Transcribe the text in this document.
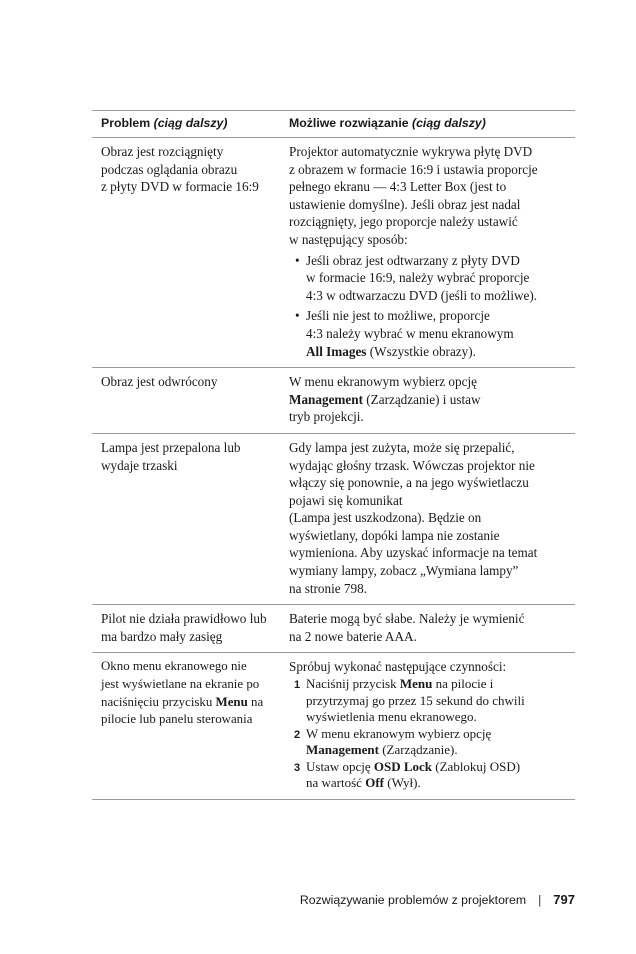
Problem (ciąg dalszy)	Możliwe rozwiązanie (ciąg dalszy)
Obraz jest rozciągnięty
podczas oglądania obrazu
z płyty DVD w formacie 16:9
Projektor automatycznie wykrywa płytę DVD
z obrazem w formacie 16:9 i ustawia proporcje
pełnego ekranu — 4:3 Letter Box (jest to
ustawienie domyślne). Jeśli obraz jest nadal
rozciągnięty, jego proporcje należy ustawić
w następujący sposób:
• Jeśli obraz jest odtwarzany z płyty DVD
w formacie 16:9, należy wybrać proporcje
4:3 w odtwarzaczu DVD (jeśli to możliwe).
• Jeśli nie jest to możliwe, proporcje
4:3 należy wybrać w menu ekranowym
All Images (Wszystkie obrazy).
Obraz jest odwrócony	W menu ekranowym wybierz opcję
Management (Zarządzanie) i ustaw
tryb projekcji.
Lampa jest przepalona lub
wydaje trzaski
Gdy lampa jest zużyta, może się przepalić,
wydając głośny trzask. Wówczas projektor nie
włączy się ponownie, a na jego wyświetlaczu
pojawi się komunikat
(Lampa jest uszkodzona). Będzie on
wyświetlany, dopóki lampa nie zostanie
wymieniona. Aby uzyskać informacje na temat
wymiany lampy, zobacz „Wymiana lampy”
na stronie 798.
Pilot nie działa prawidłowo lub
ma bardzo mały zasięg
Baterie mogą być słabe. Należy je wymienić
na 2 nowe baterie AAA.
Okno menu ekranowego nie
jest wyświetlane na ekranie po
naciśnięciu przycisku Menu na
pilocie lub panelu sterowania
Spróbuj wykonać następujące czynności:
1 Naciśnij przycisk Menu na pilocie i
przytrzymaj go przez 15 sekund do chwili
wyświetlenia menu ekranowego.
2 W menu ekranowym wybierz opcję
Management (Zarządzanie).
3 Ustaw opcję OSD Lock (Zablokuj OSD)
na wartość Off (Wył).
Rozwiązywanie problemów z projektorem | 797
